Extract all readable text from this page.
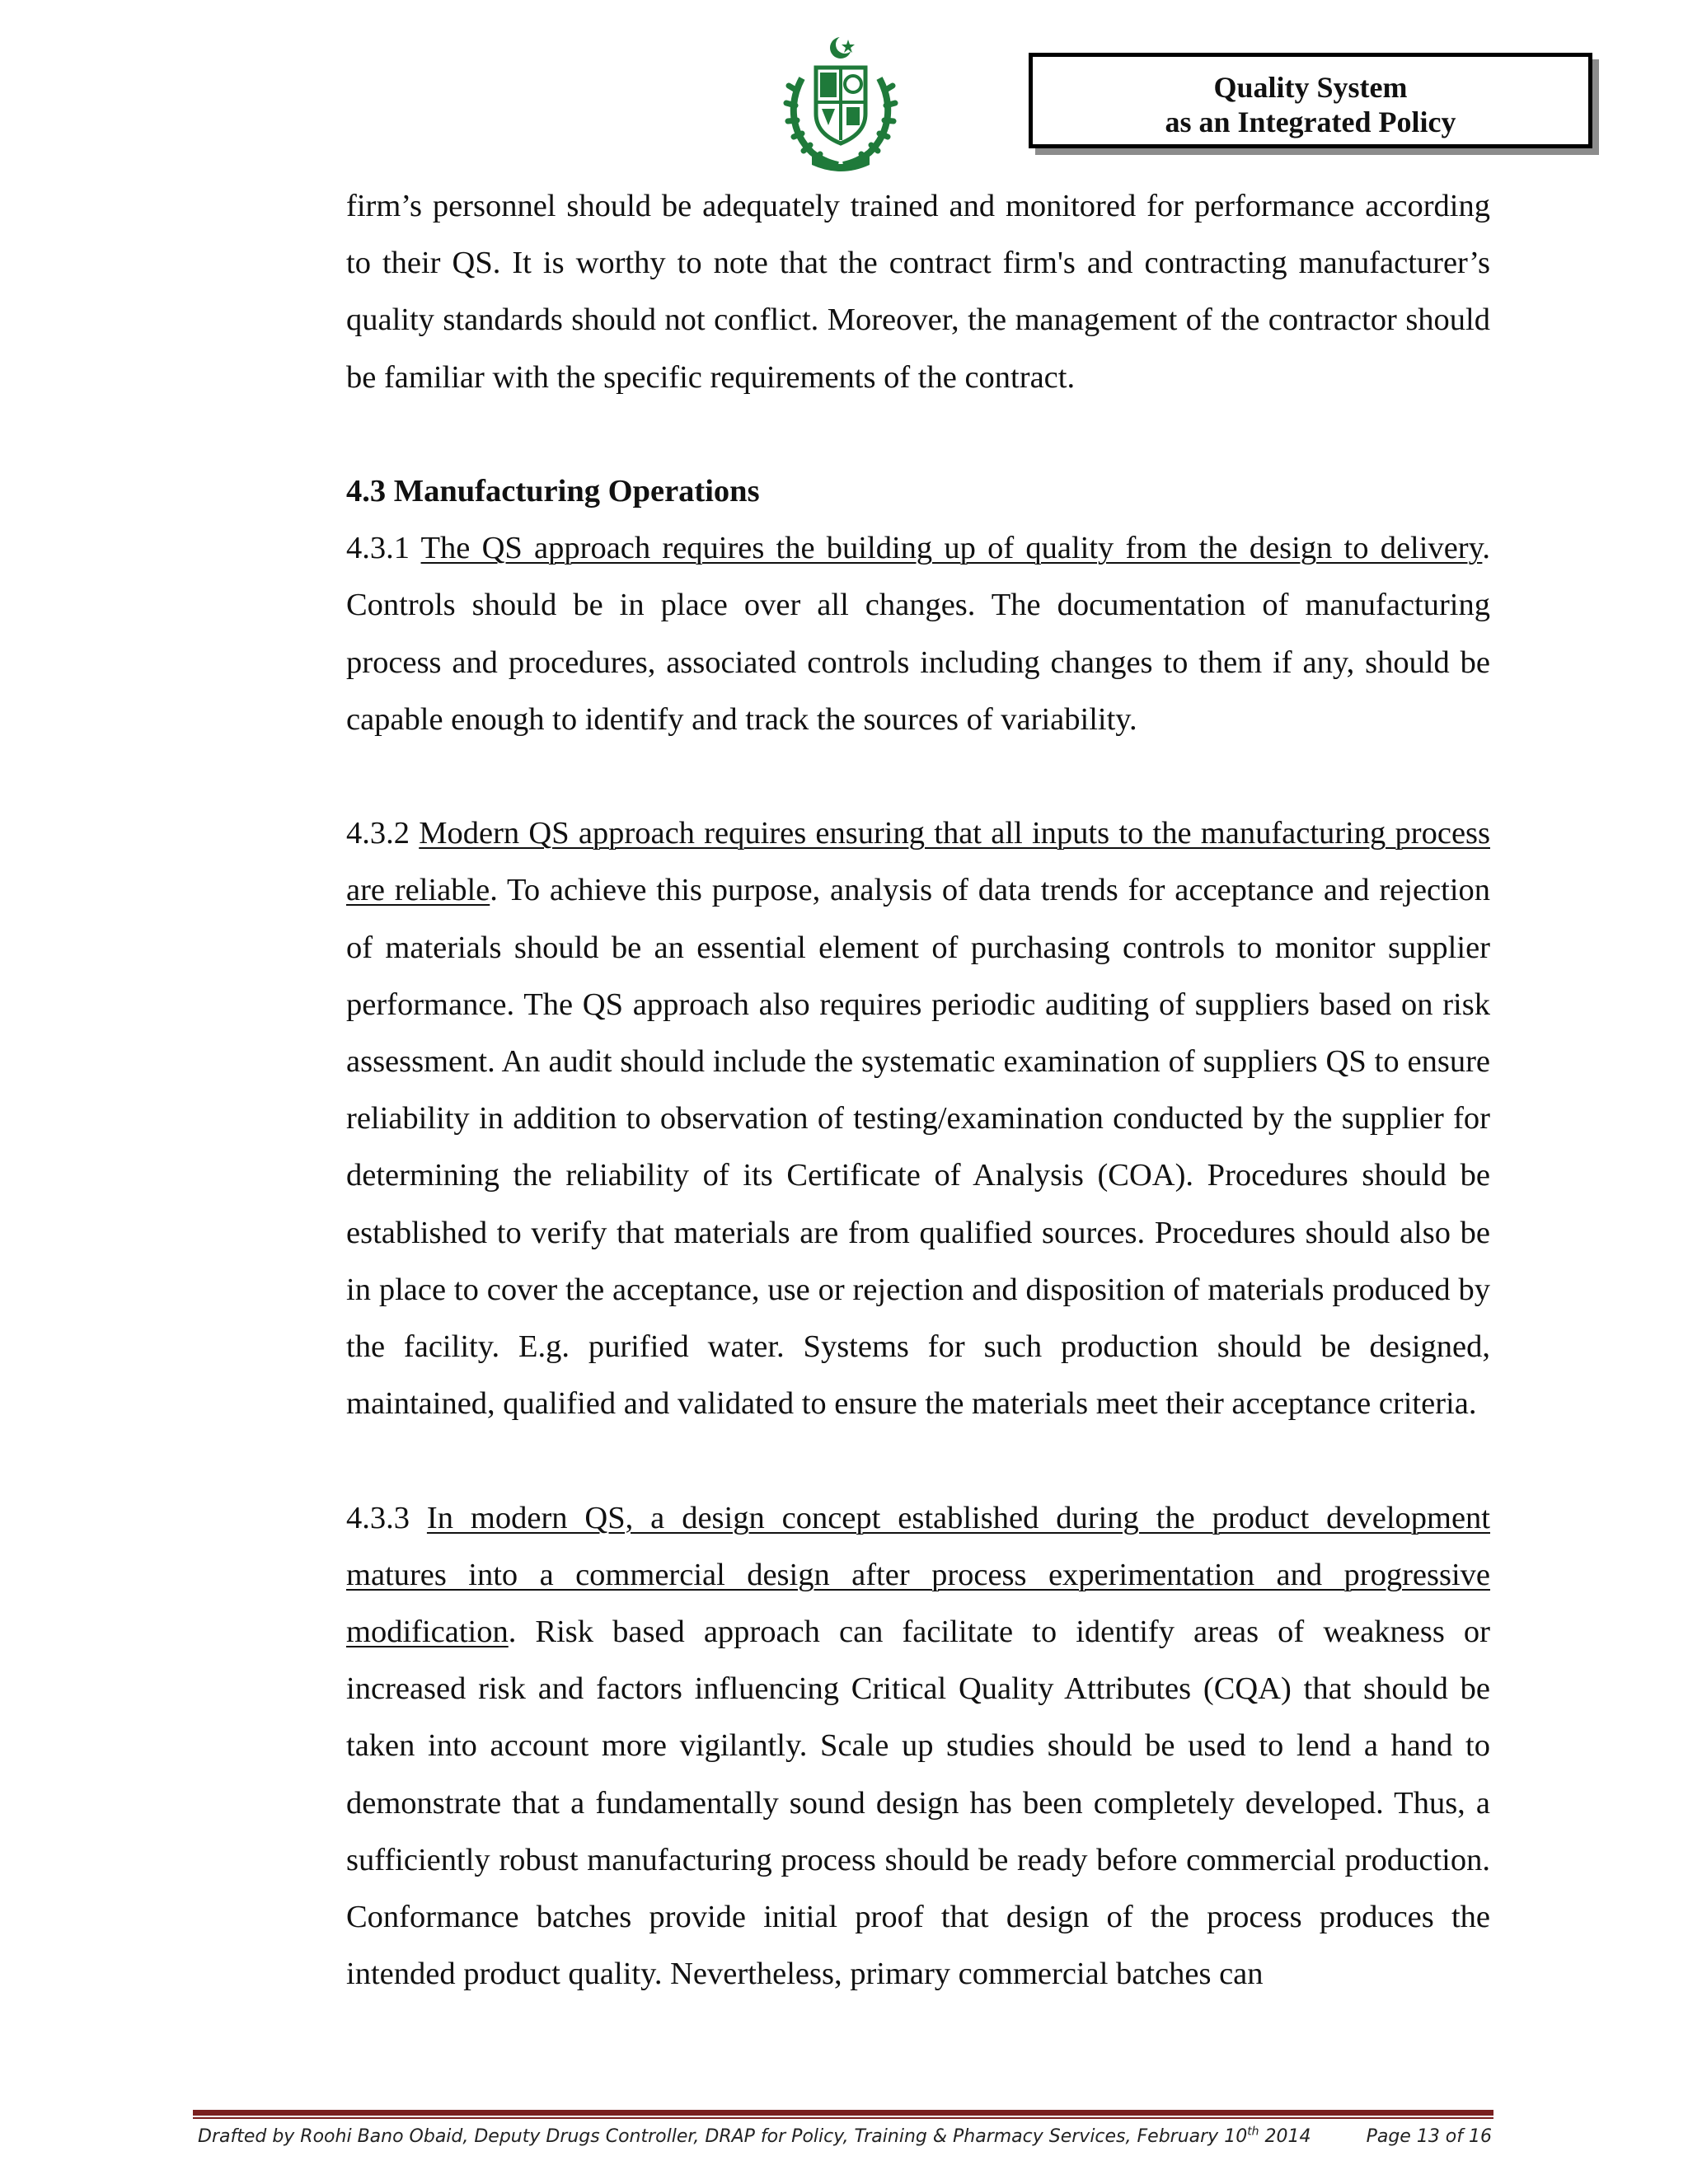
Quality System
as an Integrated Policy

firm’s personnel should be adequately trained and monitored for performance according to their QS. It is worthy to note that the contract firm's and contracting manufacturer’s quality standards should not conflict. Moreover, the management of the contractor should be familiar with the specific requirements of the contract.

4.3 Manufacturing Operations

4.3.1 The QS approach requires the building up of quality from the design to delivery. Controls should be in place over all changes. The documentation of manufacturing process and procedures, associated controls including changes to them if any, should be capable enough to identify and track the sources of variability.

4.3.2 Modern QS approach requires ensuring that all inputs to the manufacturing process are reliable. To achieve this purpose, analysis of data trends for acceptance and rejection of materials should be an essential element of purchasing controls to monitor supplier performance. The QS approach also requires periodic auditing of suppliers based on risk assessment. An audit should include the systematic examination of suppliers QS to ensure reliability in addition to observation of testing/examination conducted by the supplier for determining the reliability of its Certificate of Analysis (COA). Procedures should be established to verify that materials are from qualified sources. Procedures should also be in place to cover the acceptance, use or rejection and disposition of materials produced by the facility. E.g. purified water. Systems for such production should be designed, maintained, qualified and validated to ensure the materials meet their acceptance criteria.

4.3.3 In modern QS, a design concept established during the product development matures into a commercial design after process experimentation and progressive modification. Risk based approach can facilitate to identify areas of weakness or increased risk and factors influencing Critical Quality Attributes (CQA) that should be taken into account more vigilantly. Scale up studies should be used to lend a hand to demonstrate that a fundamentally sound design has been completely developed. Thus, a sufficiently robust manufacturing process should be ready before commercial production. Conformance batches provide initial proof that design of the process produces the intended product quality. Nevertheless, primary commercial batches can

Drafted by Roohi Bano Obaid, Deputy Drugs Controller, DRAP for Policy, Training & Pharmacy Services, February 10th 2014	Page 13 of 16
